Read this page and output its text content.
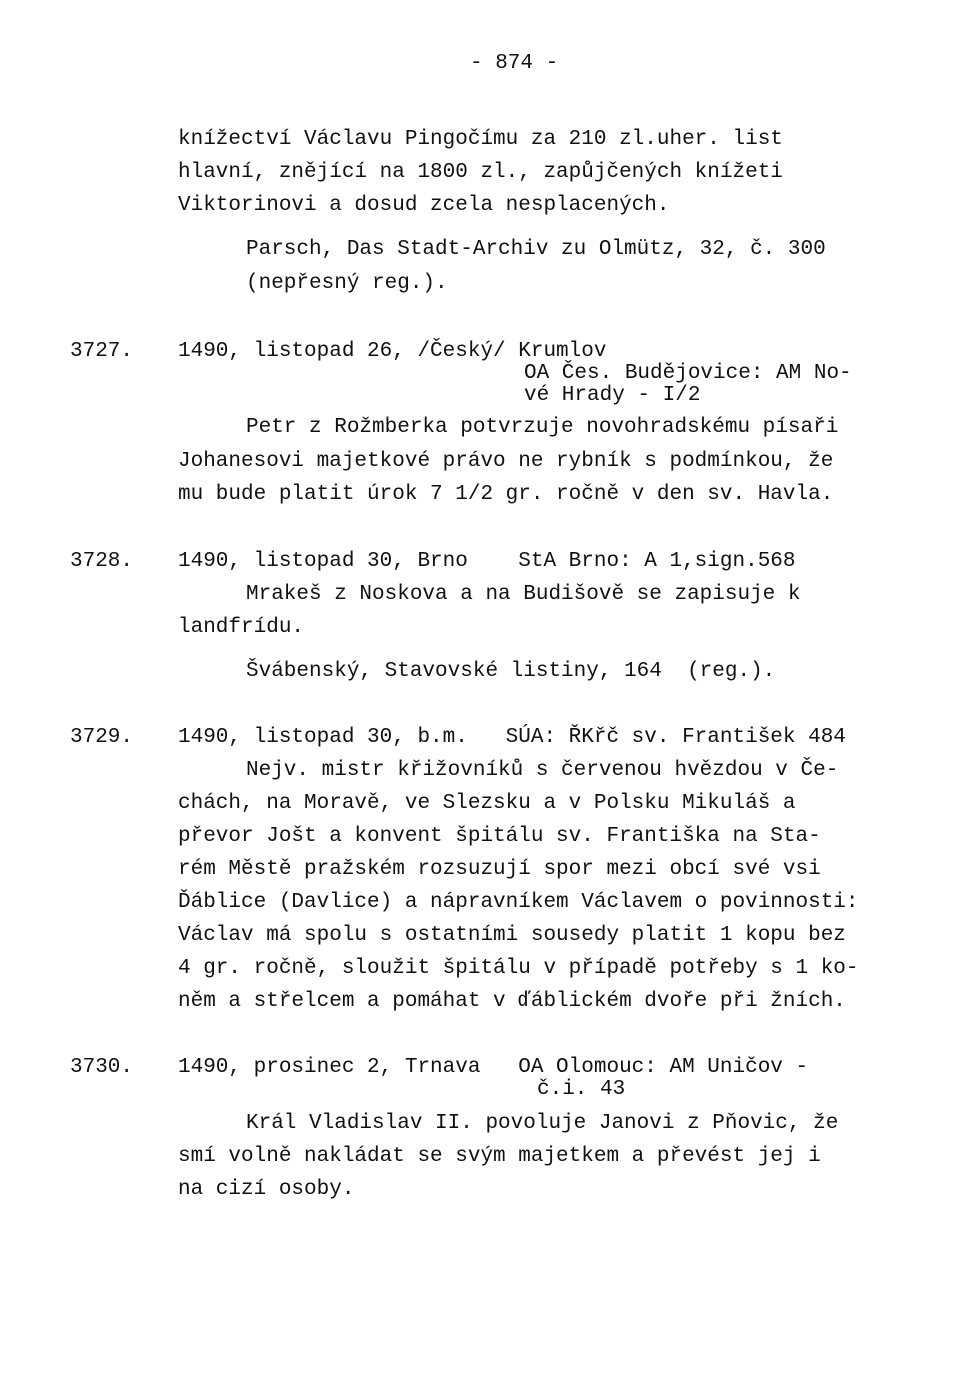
- 874 -
knížectví Václavu Pingočímu za 210 zl.uher. list
hlavní, znějící na 1800 zl., zapůjčených knížeti
Viktorinovi a dosud zcela nesplacených.
Parsch, Das Stadt-Archiv zu Olmütz, 32, č. 300
(nepřesný reg.).
3727. 1490, listopad 26, /Český/ Krumlov
OA Čes. Budějovice: AM No-
vé Hrady - I/2
Petr z Rožmberka potvrzuje novohradskému písaři
Johanesovi majetkové právo ne rybník s podmínkou, že
mu bude platit úrok 7 1/2 gr. ročně v den sv. Havla.
3728. 1490, listopad 30, Brno    StA Brno: A 1,sign.568
Mrakeš z Noskova a na Budišově se zapisuje k
landfrídu.
Švábenský, Stavovské listiny, 164  (reg.).
3729. 1490, listopad 30, b.m.   SÚA: ŘKřč sv. František 484
Nejv. mistr křižovníků s červenou hvězdou v Če-
chách, na Moravě, ve Slezsku a v Polsku Mikuláš a
převor Jošt a konvent špitálu sv. Františka na Sta-
rém Městě pražském rozsuzují spor mezi obcí své vsi
Ďáblice (Davlice) a nápravníkem Václavem o povinnosti:
Václav má spolu s ostatními sousedy platit 1 kopu bez
4 gr. ročně, sloužit špitálu v případě potřeby s 1 ko-
něm a střelcem a pomáhat v ďáblickém dvoře při žních.
3730. 1490, prosinec 2, Trnava   OA Olomouc: AM Uničov -
č.i. 43
Král Vladislav II. povoluje Janovi z Pňovic, že
smí volně nakládat se svým majetkem a převést jej i
na cizí osoby.
